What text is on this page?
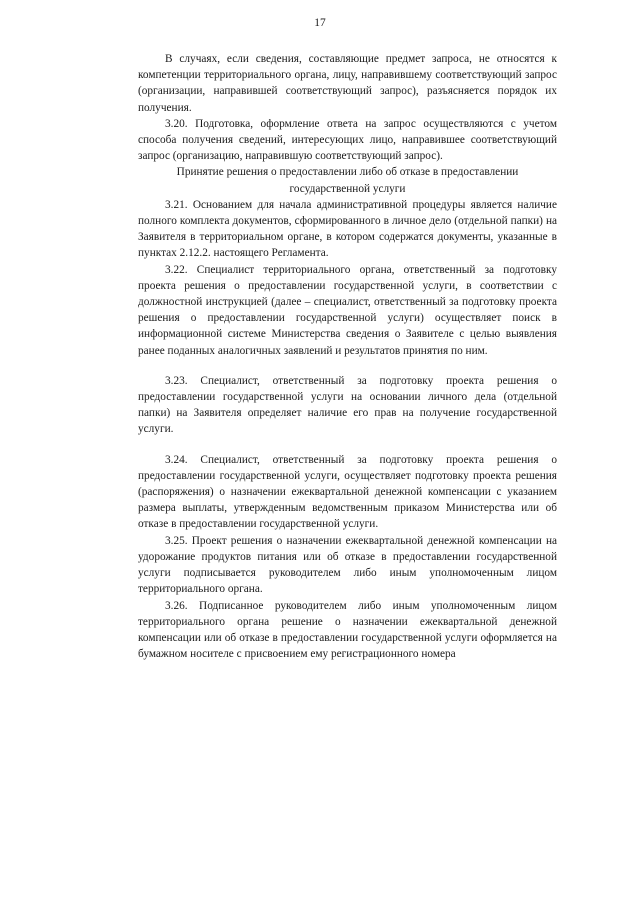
17

В случаях, если сведения, составляющие предмет запроса, не относятся к компетенции территориального органа, лицу, направившему соответствующий запрос (организации, направившей соответствующий запрос), разъясняется порядок их получения.

3.20. Подготовка, оформление ответа на запрос осуществляются с учетом способа получения сведений, интересующих лицо, направившее соответствующий запрос (организацию, направившую соответствующий запрос).

Принятие решения о предоставлении либо об отказе в предоставлении государственной услуги

3.21. Основанием для начала административной процедуры является наличие полного комплекта документов, сформированного в личное дело (отдельной папки) на Заявителя в территориальном органе, в котором содержатся документы, указанные в пунктах 2.12.2. настоящего Регламента.

3.22. Специалист территориального органа, ответственный за подготовку проекта решения о предоставлении государственной услуги, в соответствии с должностной инструкцией (далее – специалист, ответственный за подготовку проекта решения о предоставлении государственной услуги) осуществляет поиск в информационной системе Министерства сведения о Заявителе с целью выявления ранее поданных аналогичных заявлений и результатов принятия по ним.

3.23. Специалист, ответственный за подготовку проекта решения о предоставлении государственной услуги на основании личного дела (отдельной папки) на Заявителя определяет наличие его прав на получение государственной услуги.

3.24. Специалист, ответственный за подготовку проекта решения о предоставлении государственной услуги, осуществляет подготовку проекта решения (распоряжения) о назначении ежеквартальной денежной компенсации с указанием размера выплаты, утвержденным ведомственным приказом Министерства или об отказе в предоставлении государственной услуги.

3.25. Проект решения о назначении ежеквартальной денежной компенсации на удорожание продуктов питания или об отказе в предоставлении государственной услуги подписывается руководителем либо иным уполномоченным лицом территориального органа.

3.26. Подписанное руководителем либо иным уполномоченным лицом территориального органа решение о назначении ежеквартальной денежной компенсации или об отказе в предоставлении государственной услуги оформляется на бумажном носителе с присвоением ему регистрационного номера
